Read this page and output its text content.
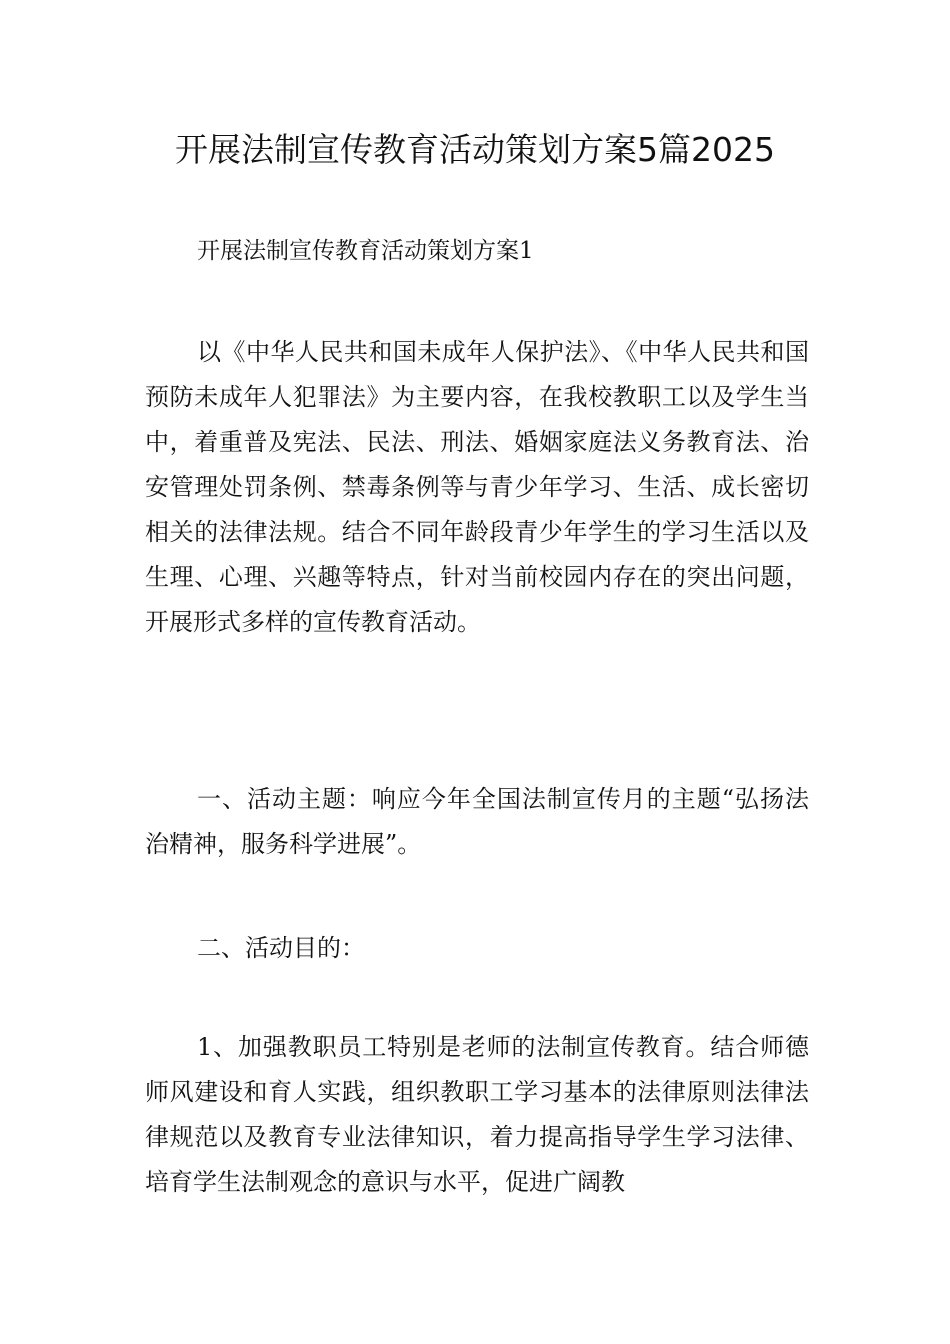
开展法制宣传教育活动策划方案5篇2025

开展法制宣传教育活动策划方案1

以《中华人民共和国未成年人保护法》、《中华人民共和国预防未成年人犯罪法》为主要内容，在我校教职工以及学生当中，着重普及宪法、民法、刑法、婚姻家庭法义务教育法、治安管理处罚条例、禁毒条例等与青少年学习、生活、成长密切相关的法律法规。结合不同年龄段青少年学生的学习生活以及生理、心理、兴趣等特点，针对当前校园内存在的突出问题，开展形式多样的宣传教育活动。

一、活动主题：响应今年全国法制宣传月的主题“弘扬法治精神，服务科学进展”。

二、活动目的：

1、加强教职员工特别是老师的法制宣传教育。结合师德师风建设和育人实践，组织教职工学习基本的法律原则法律法律规范以及教育专业法律知识，着力提高指导学生学习法律、培育学生法制观念的意识与水平，促进广阔教
